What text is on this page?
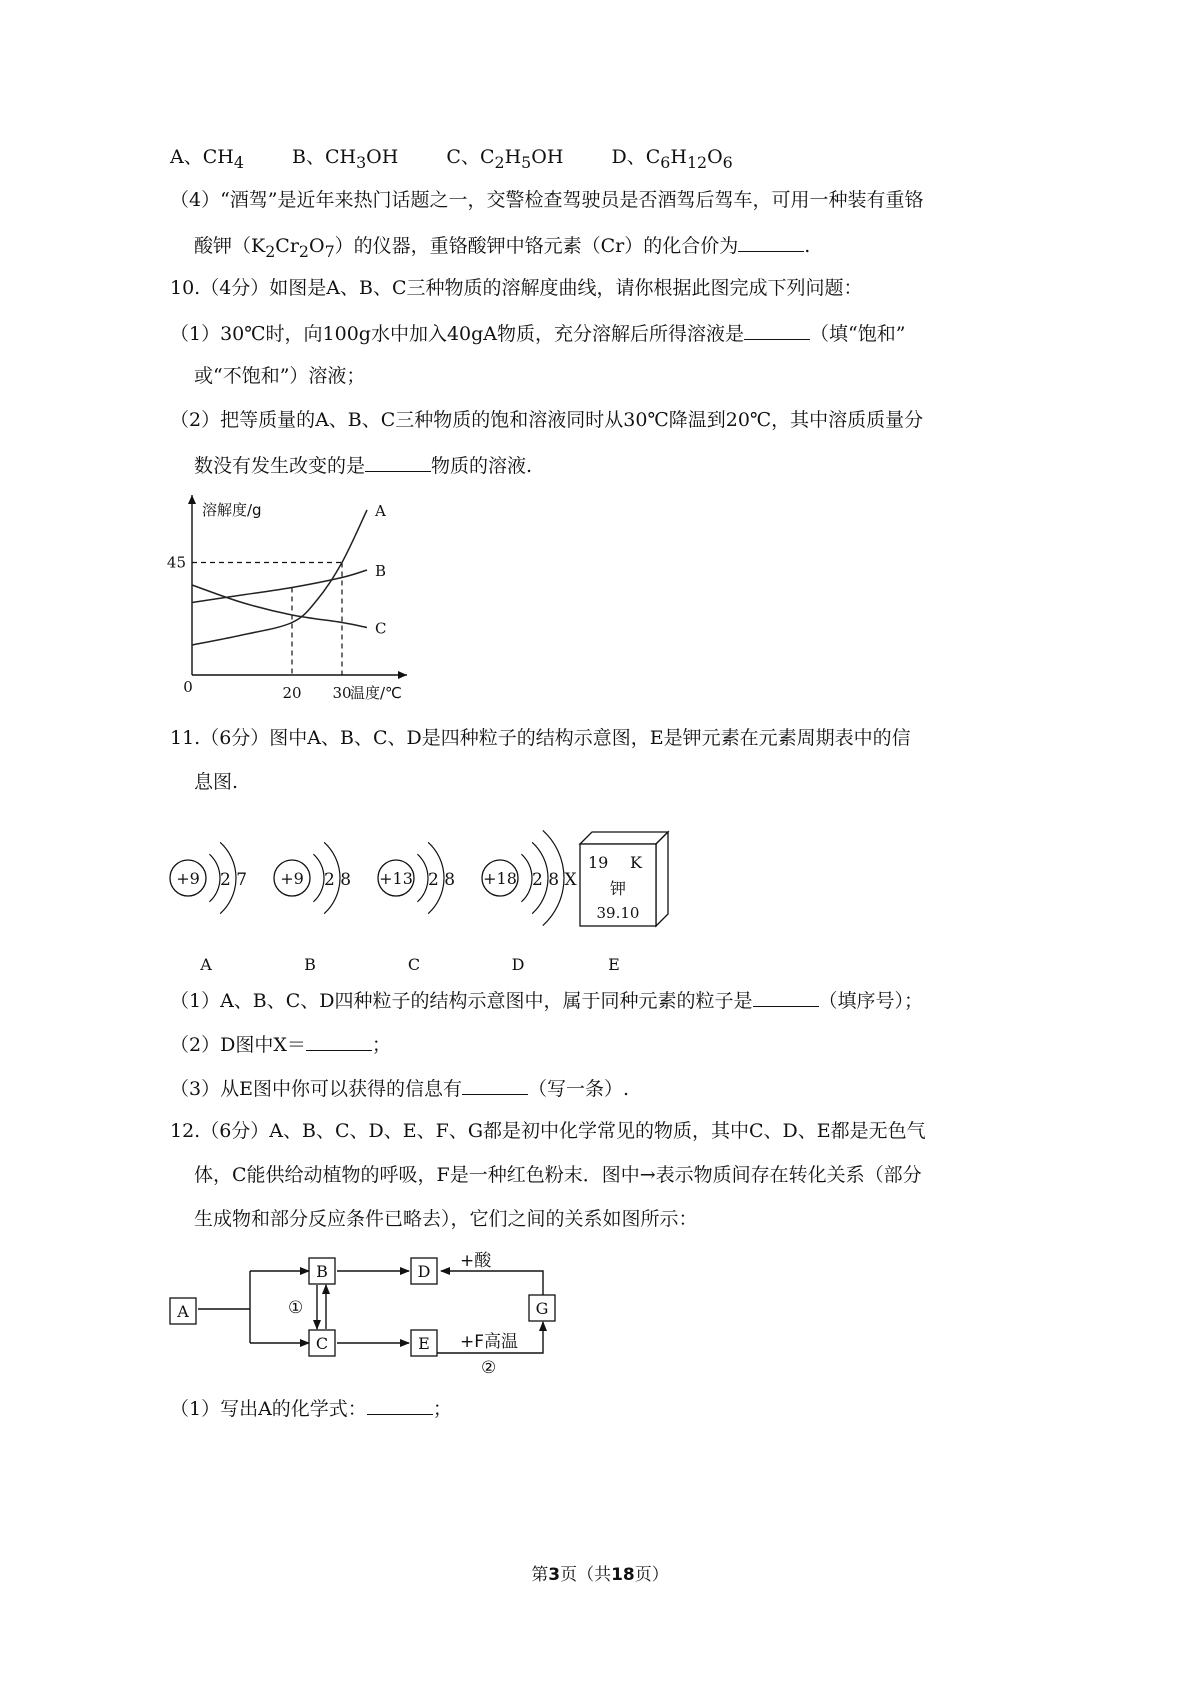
A、$CH_4$	B、$CH_3OH$	C、$C_2H_5OH$	D、$C_6H_{12}O_6$
（4）“酒驾”是近年来热门话题之一，交警检查驾驶员是否酒驾后驾车，可用一种装有重铬
酸钾$(K_2Cr_2O_7)$的仪器，重铬酸钾中铬元素（Cr）的化合价为	.
10.（4分）如图是A、B、C三种物质的溶解度曲线，请你根据此图完成下列问题：
（1）30℃时，向100g水中加入40gA物质，充分溶解后所得溶液是	（填“饱和”
或“不饱和”）溶液；
（2）把等质量的A、B、C三种物质的饱和溶液同时从30℃降温到20℃，其中溶质质量分
数没有发生改变的是	物质的溶液.
溶解度/g
温度/℃
0	20 30
45
A
B
C
11.（6分）图中A、B、C、D是四种粒子的结构示意图，E是钾元素在元素周期表中的信
息图.
+9 2 7
A
+9 2 8
B
+13 2 8
C
+18 2 8 X
D
19 K
钾
39.10
E
（1）A、B、C、D四种粒子的结构示意图中，属于同种元素的粒子是	（填序号）；
（2）D图中X＝	；
（3）从E图中你可以获得的信息有	（写一条）.
12.（6分）A、B、C、D、E、F、G都是初中化学常见的物质，其中C、D、E都是无色气
体，C能供给动植物的呼吸，F是一种红色粉末．图中→表示物质间存在转化关系（部分
生成物和部分反应条件已略去），它们之间的关系如图所示：
A
B
C
D
E
G
+酸
+F高温
①
②
（1）写出A的化学式：	；
第3页（共18页）
